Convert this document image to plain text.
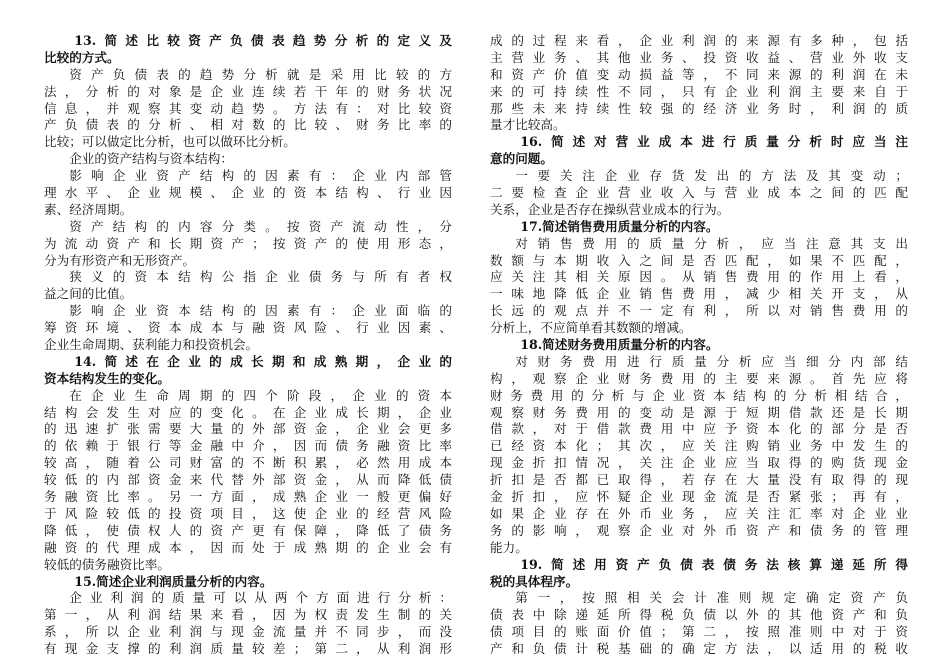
13.简述比较资产负债表趋势分析的定义及
比较的方式。
资产负债表的趋势分析就是采用比较的方
法，分析的对象是企业连续若干年的财务状况
信息，并观察其变动趋势。方法有：对比较资
产负债表的分析、相对数的比较、财务比率的
比较；可以做定比分析，也可以做环比分析。
企业的资产结构与资本结构：
影响企业资产结构的因素有：企业内部管
理水平、企业规模、企业的资本结构、行业因
素、经济周期。
资产结构的内容分类。按资产流动性，分
为流动资产和长期资产；按资产的使用形态，
分为有形资产和无形资产。
狭义的资本结构公指企业债务与所有者权
益之间的比值。
影响企业资本结构的因素有：企业面临的
筹资环境、资本成本与融资风险、行业因素、
企业生命周期、获利能力和投资机会。
14.简述在企业的成长期和成熟期，企业的
资本结构发生的变化。
在企业生命周期的四个阶段，企业的资本
结构会发生对应的变化。在企业成长期，企业
的迅速扩张需要大量的外部资金，企业会更多
的依赖于银行等金融中介，因而债务融资比率
较高，随着公司财富的不断积累，必然用成本
较低的内部资金来代替外部资金，从而降低债
务融资比率。另一方面，成熟企业一般更偏好
于风险较低的投资项目，这使企业的经营风险
降低，使债权人的资产更有保障，降低了债务
融资的代理成本，因而处于成熟期的企业会有
较低的债务融资比率。
15.简述企业利润质量分析的内容。
企业利润的质量可以从两个方面进行分析：
第一，从利润结果来看，因为权责发生制的关
系，所以企业利润与现金流量并不同步，而没
有现金支撑的利润质量较差；第二，从利润形
成的过程来看，企业利润的来源有多种，包括
主营业务、其他业务、投资收益、营业外收支
和资产价值变动损益等，不同来源的利润在未
来的可持续性不同，只有企业利润主要来自于
那些未来持续性较强的经济业务时，利润的质
量才比较高。
16.简述对营业成本进行质量分析时应当注
意的问题。
一要关注企业存货发出的方法及其变动；
二要检查企业营业收入与营业成本之间的匹配
关系，企业是否存在操纵营业成本的行为。
17.简述销售费用质量分析的内容。
对销售费用的质量分析，应当注意其支出
数额与本期收入之间是否匹配，如果不匹配，
应关注其相关原因。从销售费用的作用上看，
一味地降低企业销售费用，减少相关开支，从
长远的观点并不一定有利，所以对销售费用的
分析上，不应简单看其数额的增减。
18.简述财务费用质量分析的内容。
对财务费用进行质量分析应当细分内部结
构，观察企业财务费用的主要来源。首先应将
财务费用的分析与企业资本结构的分析相结合，
观察财务费用的变动是源于短期借款还是长期
借款，对于借款费用中应予资本化的部分是否
已经资本化；其次，应关注购销业务中发生的
现金折扣情况，关注企业应当取得的购货现金
折扣是否都已取得，若存在大量没有取得的现
金折扣，应怀疑企业现金流是否紧张；再有，
如果企业存在外币业务，应关注汇率对企业业
务的影响，观察企业对外币资产和债务的管理
能力。
19.简述用资产负债表债务法核算递延所得
税的具体程序。
第一，按照相关会计准则规定确定资产负
债表中除递延所得税负债以外的其他资产和负
债项目的账面价值；第二，按照准则中对于资
产和负债计税基础的确定方法，以适用的税收
